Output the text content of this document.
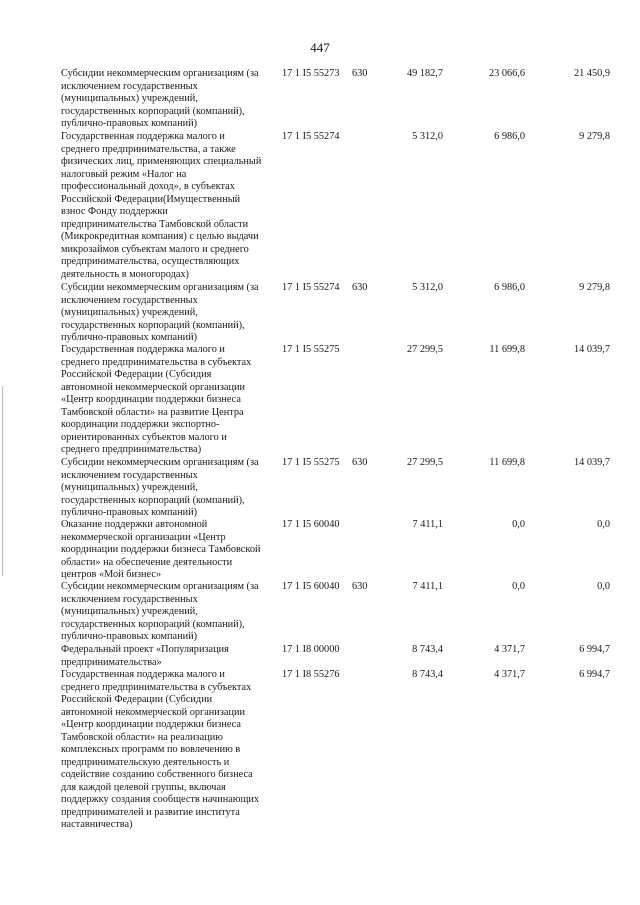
447
Субсидии некоммерческим организациям (за
исключением государственных
(муниципальных) учреждений,
государственных корпораций (компаний),
публично-правовых компаний)
17 1 I5 55273 630	49 182,7	23 066,6	21 450,9
Государственная поддержка малого и
среднего предпринимательства, а также
физических лиц, применяющих специальный
налоговый режим «Налог на
профессиональный доход», в субъектах
Российской Федерации(Имущественный
взнос Фонду поддержки
предпринимательства Тамбовской области
(Микрокредитная компания) с целью выдачи
микрозаймов субъектам малого и среднего
предпринимательства, осуществляющих
деятельность в моногородах)
17 1 I5 55274	5 312,0	6 986,0	9 279,8
Субсидии некоммерческим организациям (за
исключением государственных
(муниципальных) учреждений,
государственных корпораций (компаний),
публично-правовых компаний)
17 1 I5 55274 630	5 312,0	6 986,0	9 279,8
Государственная поддержка малого и
среднего предпринимательства в субъектах
Российской Федерации (Субсидия
автономной некоммерческой организации
«Центр координации поддержки бизнеса
Тамбовской области» на развитие Центра
координации поддержки экспортно-
ориентированных субъектов малого и
среднего предпринимательства)
17 1 I5 55275	27 299,5	11 699,8	14 039,7
Субсидии некоммерческим организациям (за
исключением государственных
(муниципальных) учреждений,
государственных корпораций (компаний),
публично-правовых компаний)
17 1 I5 55275 630	27 299,5	11 699,8	14 039,7
Оказание поддержки автономной
некоммерческой организации «Центр
координации поддержки бизнеса Тамбовской
области» на обеспечение деятельности
центров «Мой бизнес»
17 1 I5 60040	7 411,1	0,0	0,0
Субсидии некоммерческим организациям (за
исключением государственных
(муниципальных) учреждений,
государственных корпораций (компаний),
публично-правовых компаний)
17 1 I5 60040 630	7 411,1	0,0	0,0
Федеральный проект «Популяризация
предпринимательства»
17 1 I8 00000	8 743,4	4 371,7	6 994,7
Государственная поддержка малого и
среднего предпринимательства в субъектах
Российской Федерации (Субсидии
автономной некоммерческой организации
«Центр координации поддержки бизнеса
Тамбовской области» на реализацию
комплексных программ по вовлечению в
предпринимательскую деятельность и
содействие созданию собственного бизнеса
для каждой целевой группы, включая
поддержку создания сообществ начинающих
предпринимателей и развитие института
наставничества)
17 1 I8 55276	8 743,4	4 371,7	6 994,7
